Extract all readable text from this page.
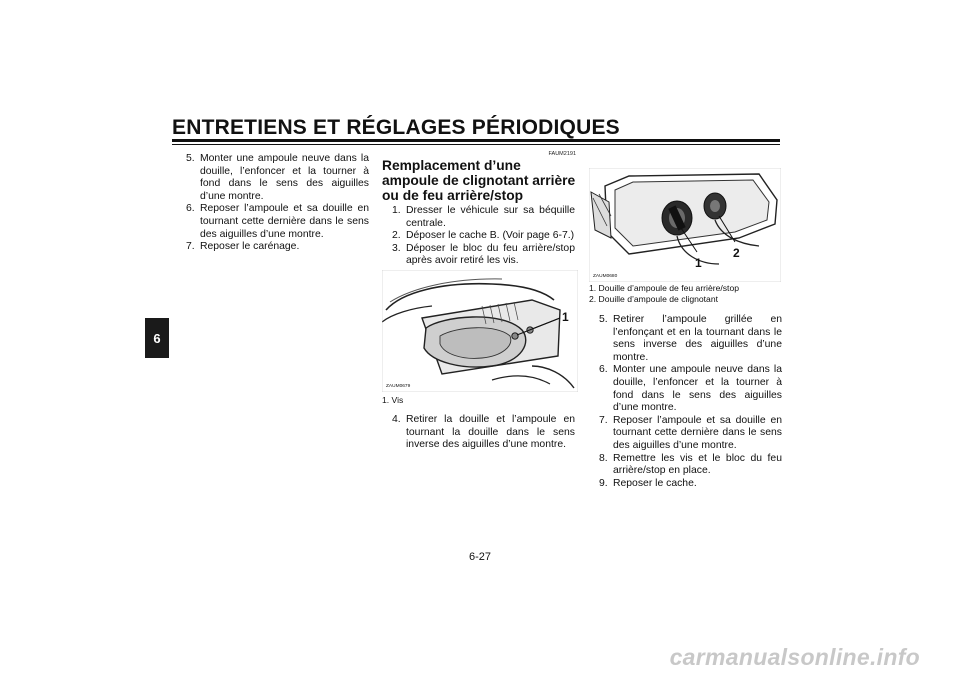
ENTRETIENS ET RÉGLAGES PÉRIODIQUES
6
5. Monter une ampoule neuve dans la douille, l’enfoncer et la tourner à fond dans le sens des aiguilles d’une montre.
6. Reposer l’ampoule et sa douille en tournant cette dernière dans le sens des aiguilles d’une montre.
7. Reposer le carénage.
FAUM2191
Remplacement d’une ampoule de clignotant arrière ou de feu arrière/stop
1. Dresser le véhicule sur sa béquille centrale.
2. Déposer le cache B. (Voir page 6-7.)
3. Déposer le bloc du feu arrière/stop après avoir retiré les vis.
1
ZAUM0679
1. Vis
4. Retirer la douille et l’ampoule en tournant la douille dans le sens inverse des aiguilles d’une montre.
1
2
ZAUM0680
1. Douille d’ampoule de feu arrière/stop
2. Douille d’ampoule de clignotant
5. Retirer l’ampoule grillée en l’enfonçant et en la tournant dans le sens inverse des aiguilles d’une montre.
6. Monter une ampoule neuve dans la douille, l’enfoncer et la tourner à fond dans le sens des aiguilles d’une montre.
7. Reposer l’ampoule et sa douille en tournant cette dernière dans le sens des aiguilles d’une montre.
8. Remettre les vis et le bloc du feu arrière/stop en place.
9. Reposer le cache.
6-27
carmanualsonline.info
